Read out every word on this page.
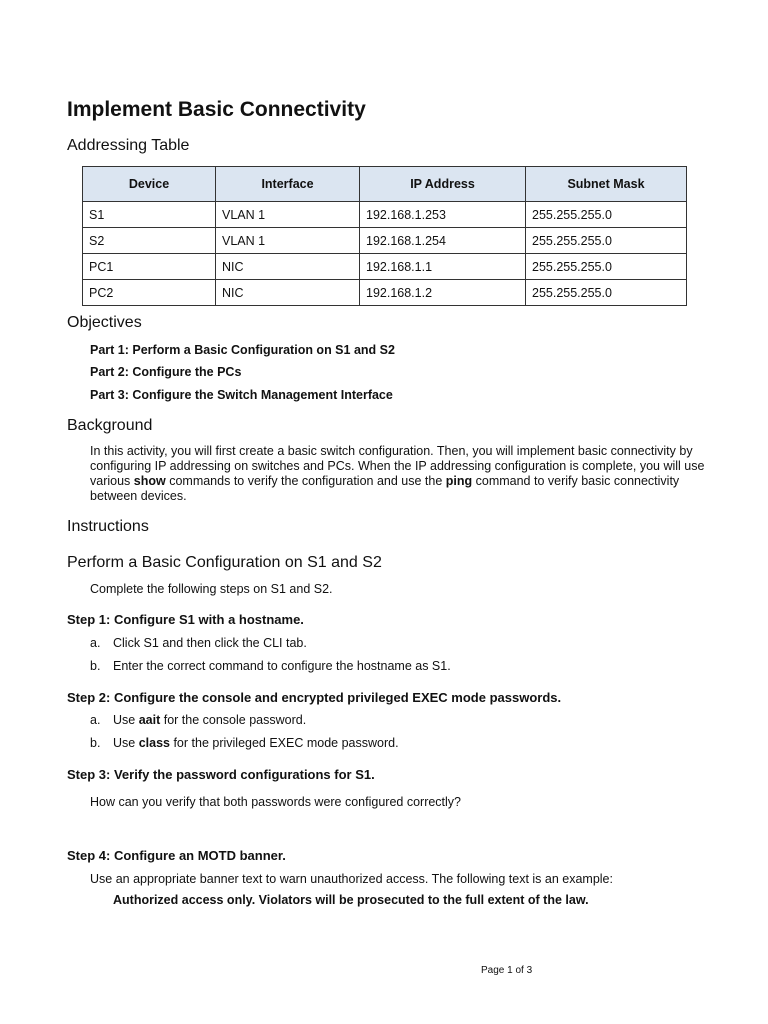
Implement Basic Connectivity
Addressing Table
Device	Interface	IP Address	Subnet Mask
S1	VLAN 1	192.168.1.253	255.255.255.0
S2	VLAN 1	192.168.1.254	255.255.255.0
PC1	NIC	192.168.1.1	255.255.255.0
PC2	NIC	192.168.1.2	255.255.255.0
Objectives
Part 1: Perform a Basic Configuration on S1 and S2
Part 2: Configure the PCs
Part 3: Configure the Switch Management Interface
Background
In this activity, you will first create a basic switch configuration. Then, you will implement basic connectivity by configuring IP addressing on switches and PCs. When the IP addressing configuration is complete, you will use various show commands to verify the configuration and use the ping command to verify basic connectivity between devices.
Instructions
Perform a Basic Configuration on S1 and S2
Complete the following steps on S1 and S2.
Step 1: Configure S1 with a hostname.
a. Click S1 and then click the CLI tab.
b. Enter the correct command to configure the hostname as S1.
Step 2: Configure the console and encrypted privileged EXEC mode passwords.
a. Use aait for the console password.
b. Use class for the privileged EXEC mode password.
Step 3: Verify the password configurations for S1.
How can you verify that both passwords were configured correctly?
Step 4: Configure an MOTD banner.
Use an appropriate banner text to warn unauthorized access. The following text is an example:
Authorized access only. Violators will be prosecuted to the full extent of the law.
Page 1 of 3
